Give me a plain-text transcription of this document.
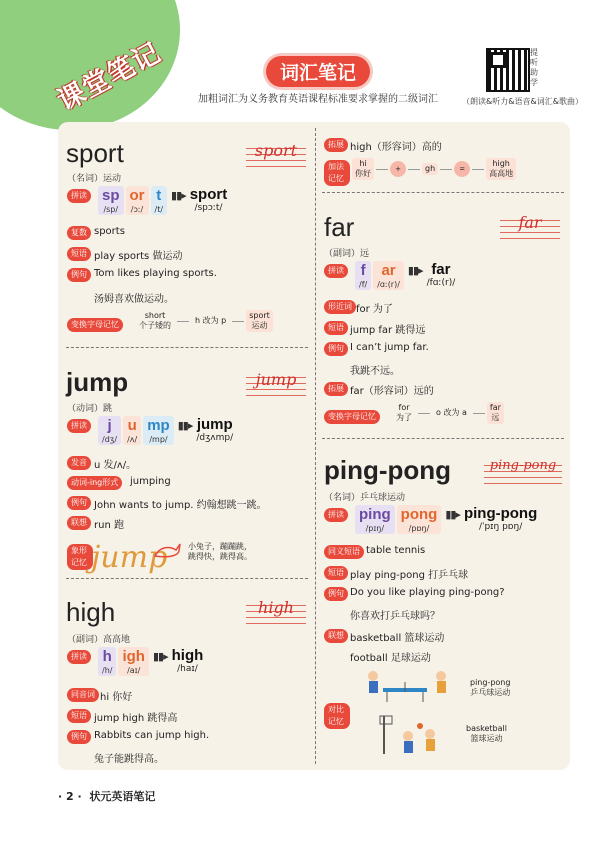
课堂笔记	词汇笔记
加粗词汇为义务教育英语课程标准要求掌握的二级词汇
提听助学
（朗读&听力&语音&词汇&歌曲）
sport	sport
（名词）运动
拼读 sp
/sp/
or
/ɔː/
t
/t/
▮▮▸ sport
/spɔːt/
复数 sports
短语 play sports 做运动
例句 Tom likes playing sports.
汤姆喜欢做运动。
变换字母记忆
short
个子矮的
h 改为 p
sport
运动
jump	jump
（动词）跳
拼读 j
/dʒ/
u
/ʌ/
mp
/mp/
▮▮▸ jump
/dʒʌmp/
发音 u 发/ʌ/。
动词-ing形式	jumping
例句 John wants to jump. 约翰想跳一跳。
联想 run 跑
象形记忆 jump	小兔子，蹦蹦跳，
跳得快，跳得高。
high	high
（副词）高高地
拼读 h
/h/
igh
/aɪ/
▮▮▸ high
/haɪ/
同音词 hi 你好
短语 jump high 跳得高
例句 Rabbits can jump high.
兔子能跳得高。
拓展 high（形容词）高的
加法记忆
hi
你好	+	gh	=
high
高高地
far	far
（副词）远
拼读 f
/f/
ar
/ɑː(r)/
▮▮▸ far
/fɑː(r)/
形近词 for 为了
短语 jump far 跳得远
例句 I can’t jump far.
我跳不远。
拓展 far（形容词）远的
变换字母记忆
for
为了
o 改为 a
far
远
ping-pong	ping-pong
（名词）乒乓球运动
拼读 ping
/pɪŋ/
pong
/pɒŋ/
▮▮▸ ping-pong
/ˈpɪŋ pɒŋ/
同义短语 table tennis
短语 play ping-pong 打乒乓球
例句 Do you like playing ping-pong?
你喜欢打乒乓球吗？
联想 basketball 篮球运动
football 足球运动
对比记忆
ping-pong
乒乓球运动
basketball
篮球运动
· 2 · 状元英语笔记
